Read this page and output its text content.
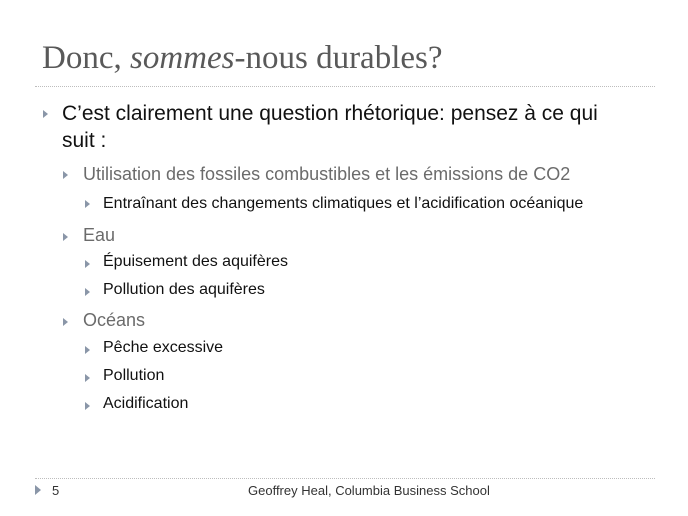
Donc, sommes-nous durables?
C’est clairement une question rhétorique: pensez à ce qui
suit :
Utilisation des fossiles combustibles et les émissions de CO2
Entraînant des changements climatiques et l’acidification océanique
Eau
Épuisement des aquifères
Pollution des aquifères
Océans
Pêche excessive
Pollution
Acidification
5	Geoffrey Heal, Columbia Business School
